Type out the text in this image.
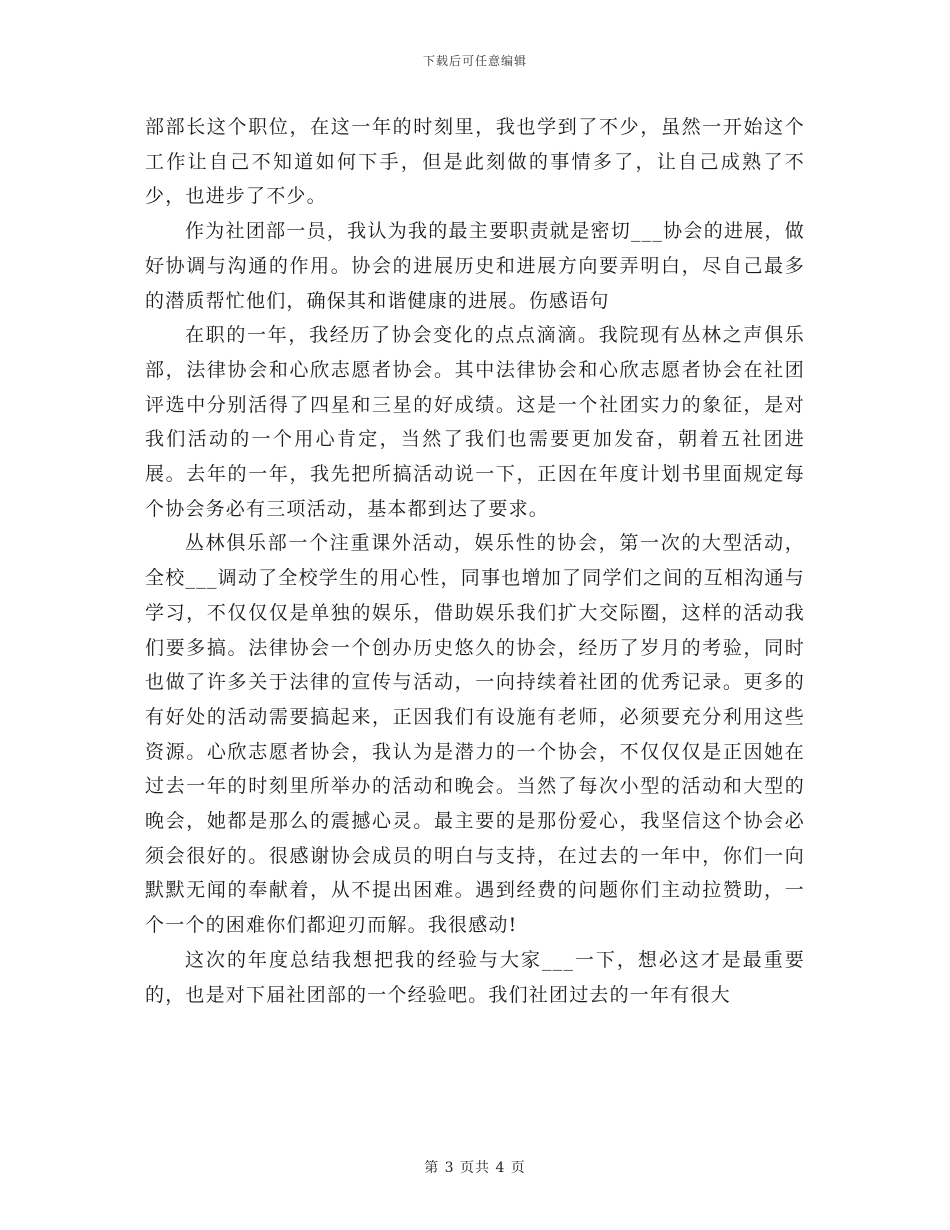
下载后可任意编辑

部部长这个职位，在这一年的时刻里，我也学到了不少，虽然一开始这个工作让自己不知道如何下手，但是此刻做的事情多了，让自己成熟了不少，也进步了不少。

作为社团部一员，我认为我的最主要职责就是密切___协会的进展，做好协调与沟通的作用。协会的进展历史和进展方向要弄明白，尽自己最多的潜质帮忙他们，确保其和谐健康的进展。伤感语句

在职的一年，我经历了协会变化的点点滴滴。我院现有丛林之声俱乐部，法律协会和心欣志愿者协会。其中法律协会和心欣志愿者协会在社团评选中分别活得了四星和三星的好成绩。这是一个社团实力的象征，是对我们活动的一个用心肯定，当然了我们也需要更加发奋，朝着五社团进展。去年的一年，我先把所搞活动说一下，正因在年度计划书里面规定每个协会务必有三项活动，基本都到达了要求。

丛林俱乐部一个注重课外活动，娱乐性的协会，第一次的大型活动，全校___调动了全校学生的用心性，同事也增加了同学们之间的互相沟通与学习，不仅仅仅是单独的娱乐，借助娱乐我们扩大交际圈，这样的活动我们要多搞。法律协会一个创办历史悠久的协会，经历了岁月的考验，同时也做了许多关于法律的宣传与活动，一向持续着社团的优秀记录。更多的有好处的活动需要搞起来，正因我们有设施有老师，必须要充分利用这些资源。心欣志愿者协会，我认为是潜力的一个协会，不仅仅仅是正因她在过去一年的时刻里所举办的活动和晚会。当然了每次小型的活动和大型的晚会，她都是那么的震撼心灵。最主要的是那份爱心，我坚信这个协会必须会很好的。很感谢协会成员的明白与支持，在过去的一年中，你们一向默默无闻的奉献着，从不提出困难。遇到经费的问题你们主动拉赞助，一个一个的困难你们都迎刃而解。我很感动!

这次的年度总结我想把我的经验与大家___一下，想必这才是最重要的，也是对下届社团部的一个经验吧。我们社团过去的一年有很大

第 3 页共 4 页
